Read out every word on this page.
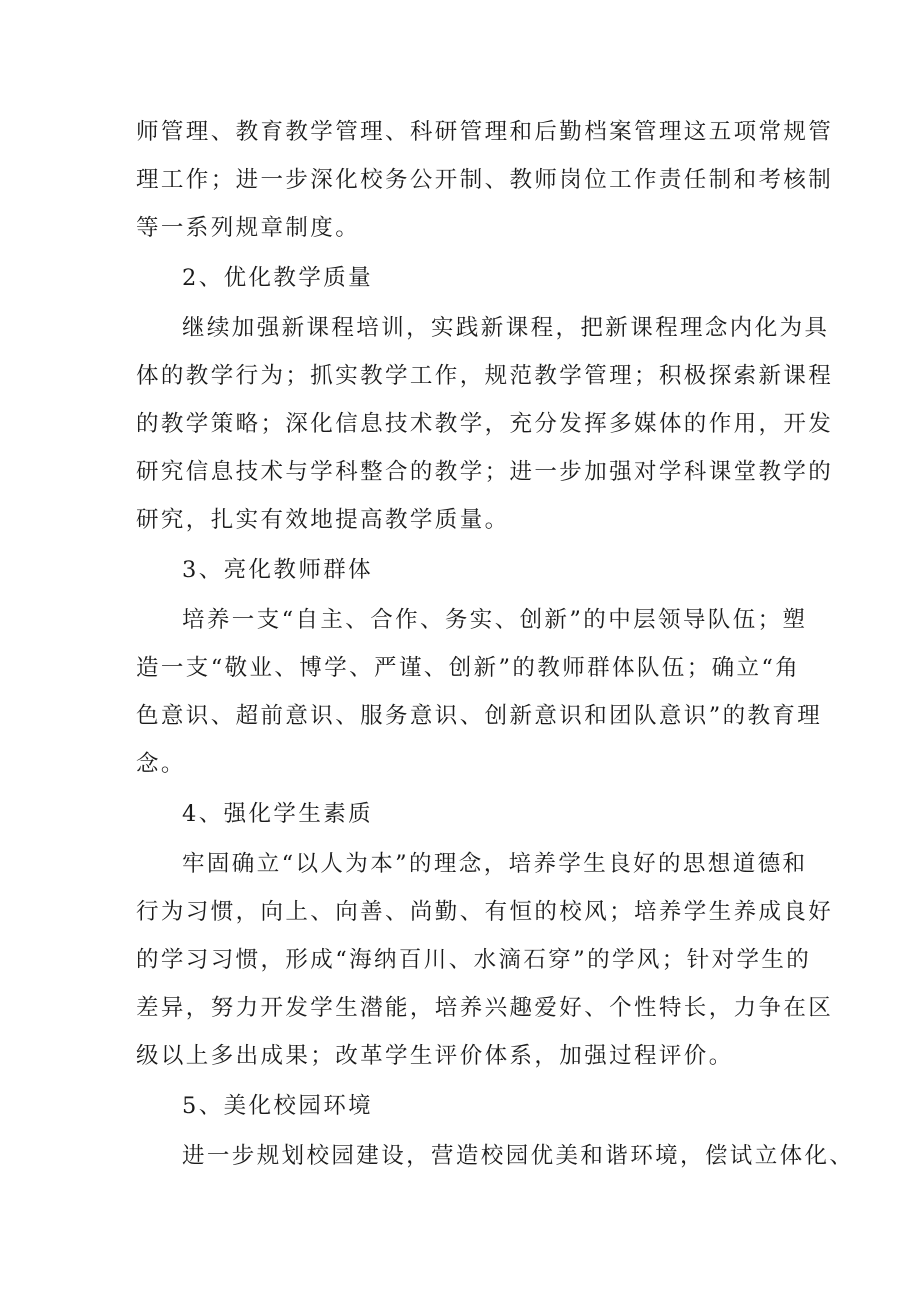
师管理、教育教学管理、科研管理和后勤档案管理这五项常规管
理工作；进一步深化校务公开制、教师岗位工作责任制和考核制
等一系列规章制度。
2、优化教学质量
继续加强新课程培训，实践新课程，把新课程理念内化为具
体的教学行为；抓实教学工作，规范教学管理；积极探索新课程
的教学策略；深化信息技术教学，充分发挥多媒体的作用，开发
研究信息技术与学科整合的教学；进一步加强对学科课堂教学的
研究，扎实有效地提高教学质量。
3、亮化教师群体
培养一支“自主、合作、务实、创新”的中层领导队伍；塑
造一支“敬业、博学、严谨、创新”的教师群体队伍；确立“角
色意识、超前意识、服务意识、创新意识和团队意识”的教育理
念。
4、强化学生素质
牢固确立“以人为本”的理念，培养学生良好的思想道德和
行为习惯，向上、向善、尚勤、有恒的校风；培养学生养成良好
的学习习惯，形成“海纳百川、水滴石穿”的学风；针对学生的
差异，努力开发学生潜能，培养兴趣爱好、个性特长，力争在区
级以上多出成果；改革学生评价体系，加强过程评价。
5、美化校园环境
进一步规划校园建设，营造校园优美和谐环境，偿试立体化、
